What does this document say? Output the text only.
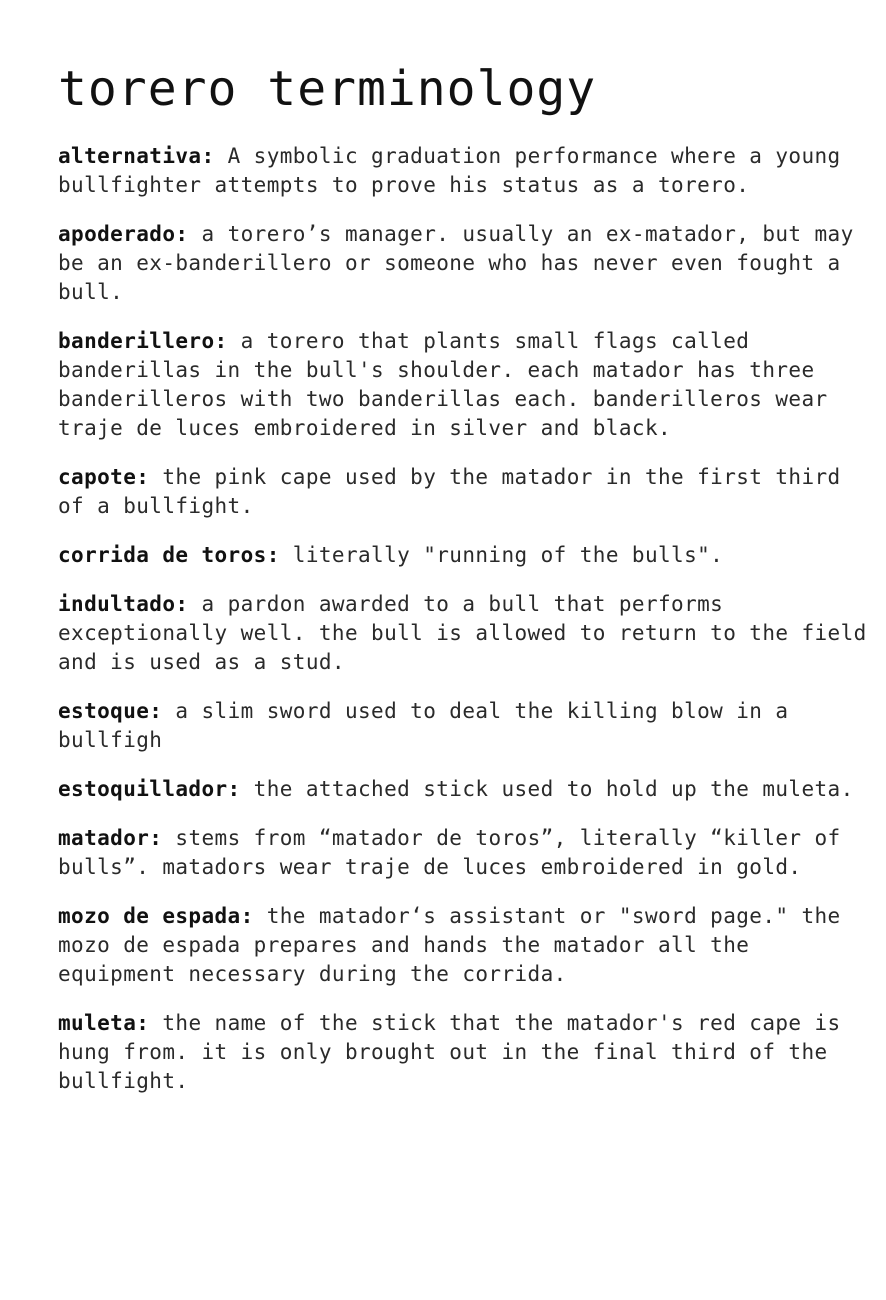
torero terminology

alternativa: A symbolic graduation performance where a young bullfighter attempts to prove his status as a torero.

apoderado: a torero’s manager. usually an ex-matador, but may be an ex-banderillero or someone who has never even fought a bull.

banderillero: a torero that plants small flags called banderillas in the bull's shoulder. each matador has three banderilleros with two banderillas each. banderilleros wear traje de luces embroidered in silver and black.

capote: the pink cape used by the matador in the first third of a bullfight.

corrida de toros: literally "running of the bulls".

indultado: a pardon awarded to a bull that performs exceptionally well. the bull is allowed to return to the field and is used as a stud.

estoque: a slim sword used to deal the killing blow in a bullfigh

estoquillador: the attached stick used to hold up the muleta.

matador: stems from “matador de toros”, literally “killer of bulls”. matadors wear traje de luces embroidered in gold.

mozo de espada: the matador‘s assistant or "sword page." the mozo de espada prepares and hands the matador all the equipment necessary during the corrida.

muleta: the name of the stick that the matador's red cape is hung from. it is only brought out in the final third of the bullfight.
